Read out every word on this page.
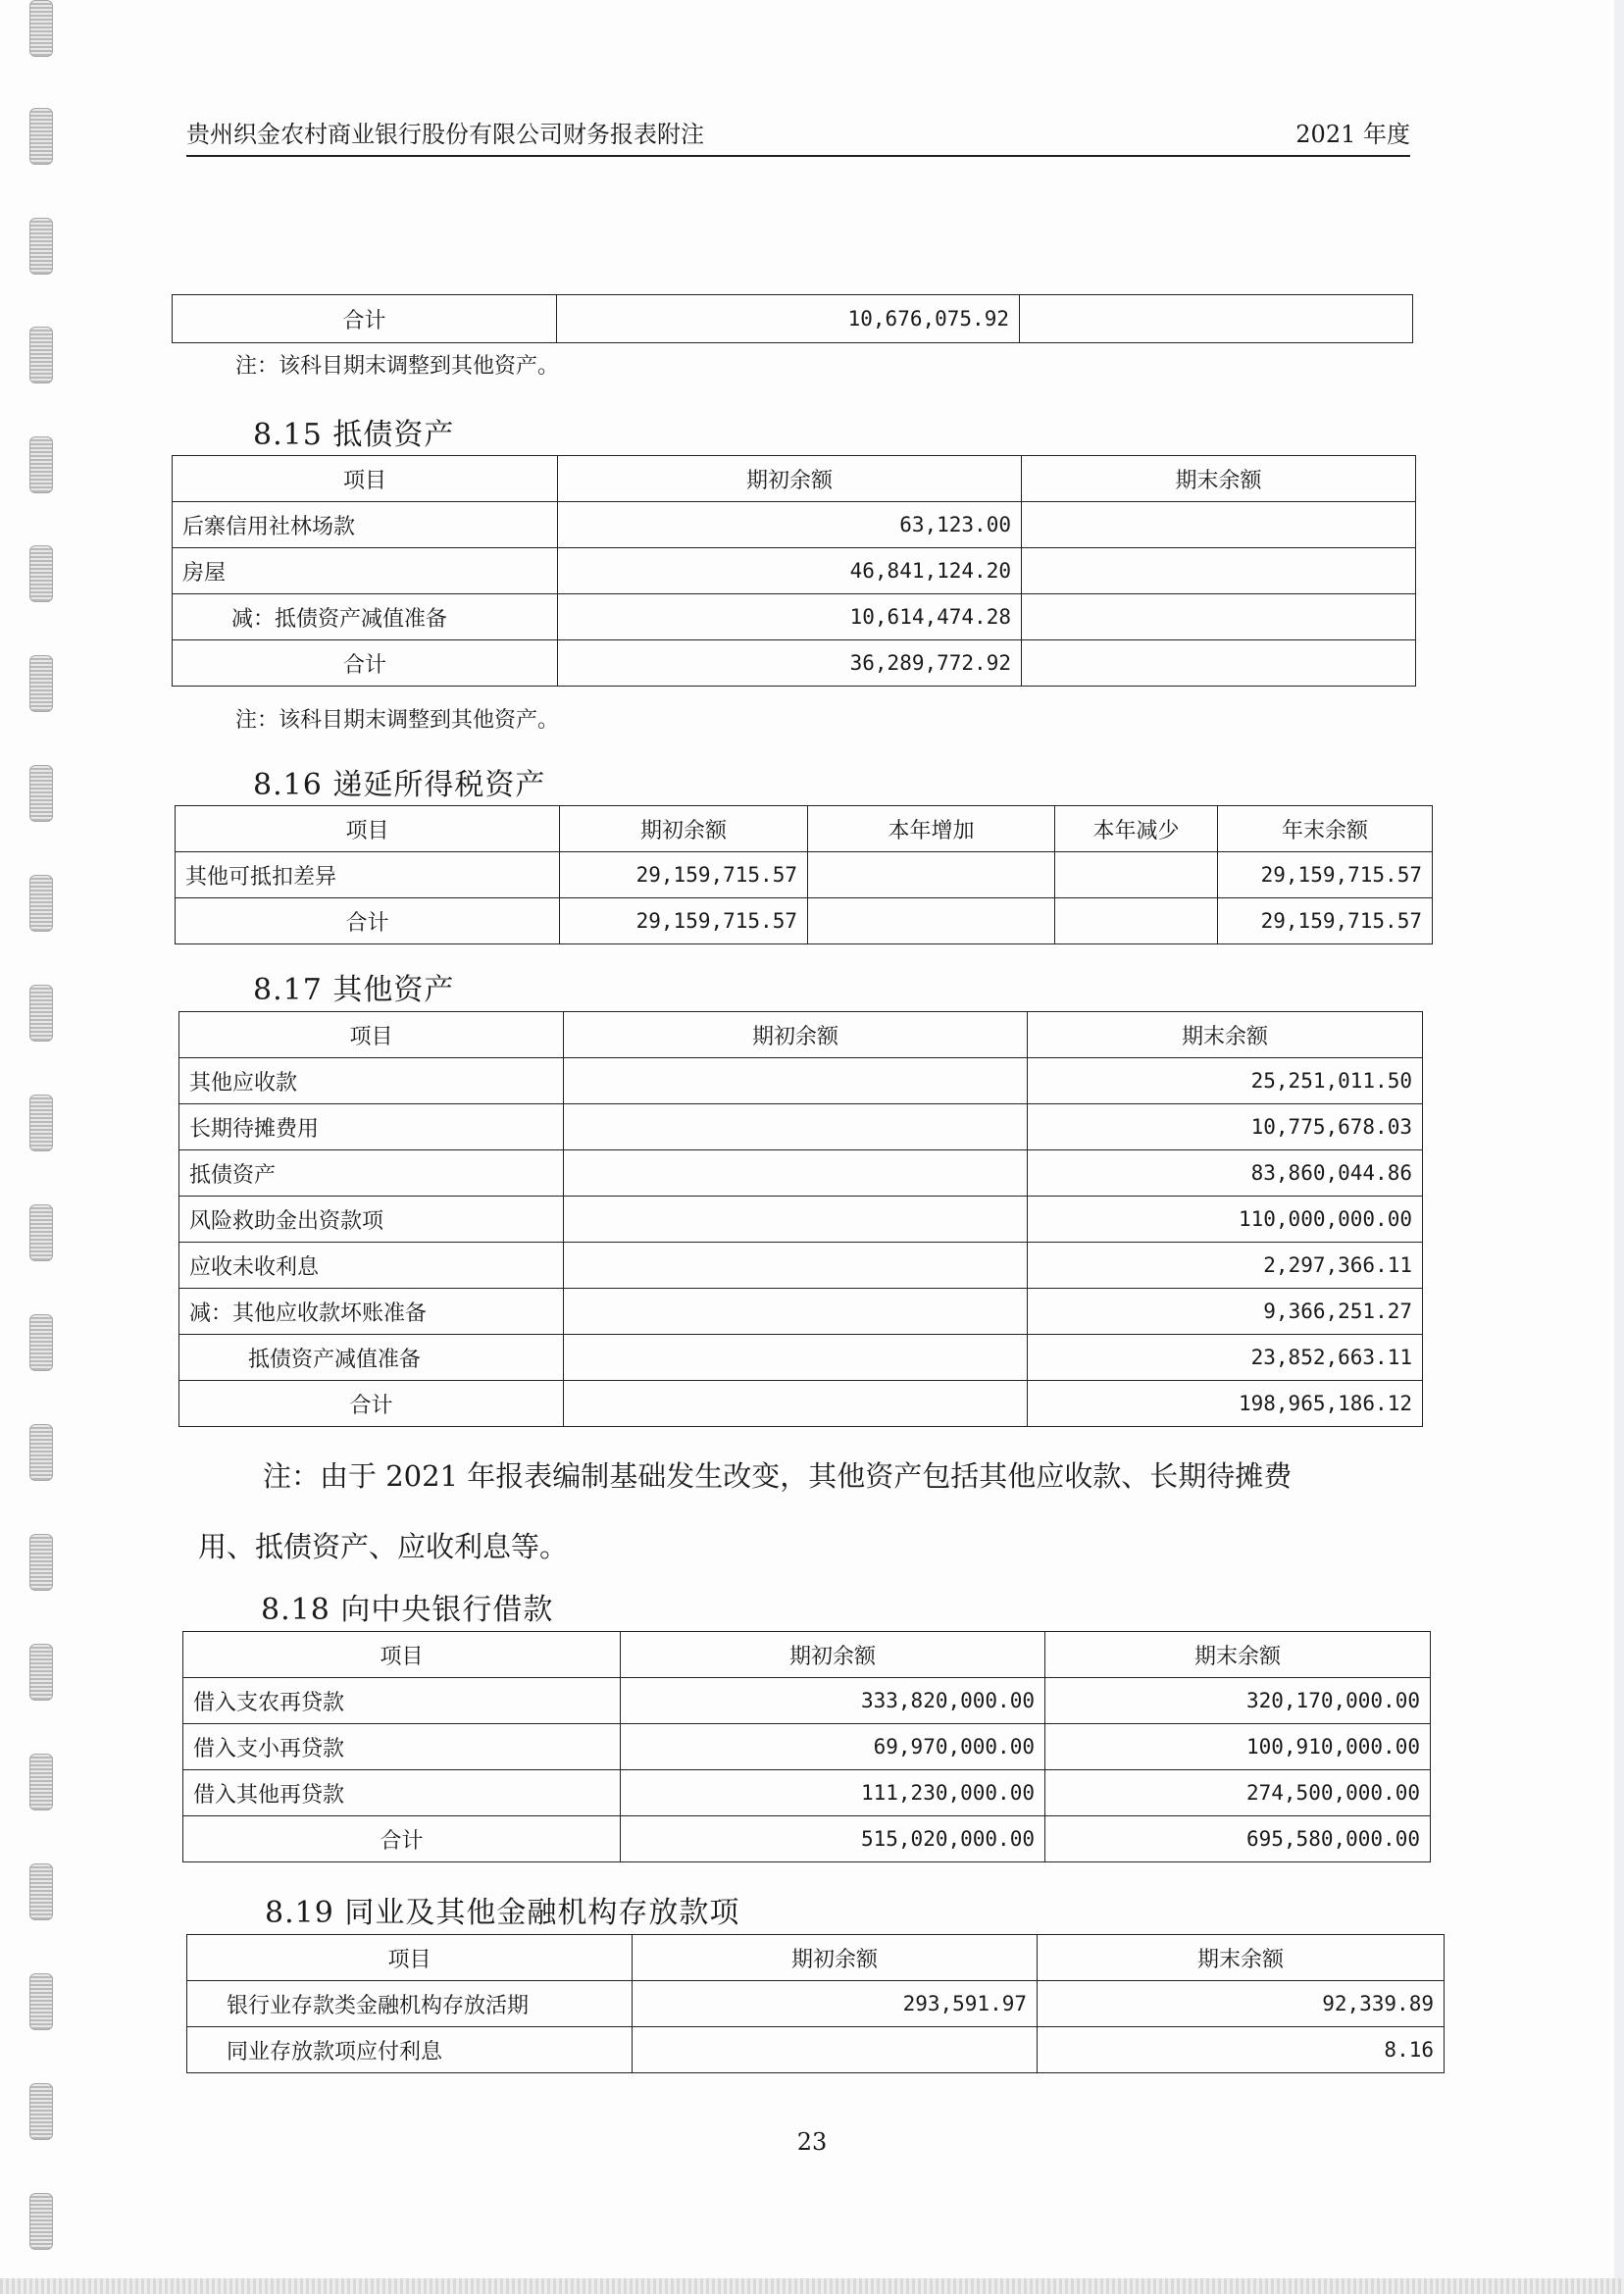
贵州织金农村商业银行股份有限公司财务报表附注	2021 年度
合计	10,676,075.92	
注：该科目期末调整到其他资产。
8.15 抵债资产
项目	期初余额	期末余额
后寨信用社林场款	63,123.00	
房屋	46,841,124.20	
减：抵债资产减值准备	10,614,474.28	
合计	36,289,772.92	
注：该科目期末调整到其他资产。
8.16 递延所得税资产
项目	期初余额	本年增加	本年减少	年末余额
其他可抵扣差异	29,159,715.57			29,159,715.57
合计	29,159,715.57			29,159,715.57
8.17 其他资产
项目	期初余额	期末余额
其他应收款		25,251,011.50
长期待摊费用		10,775,678.03
抵债资产		83,860,044.86
风险救助金出资款项		110,000,000.00
应收未收利息		2,297,366.11
减：其他应收款坏账准备		9,366,251.27
抵债资产减值准备		23,852,663.11
合计		198,965,186.12
注：由于 2021 年报表编制基础发生改变，其他资产包括其他应收款、长期待摊费
用、抵债资产、应收利息等。
8.18 向中央银行借款
项目	期初余额	期末余额
借入支农再贷款	333,820,000.00	320,170,000.00
借入支小再贷款	69,970,000.00	100,910,000.00
借入其他再贷款	111,230,000.00	274,500,000.00
合计	515,020,000.00	695,580,000.00
8.19 同业及其他金融机构存放款项
项目	期初余额	期末余额
银行业存款类金融机构存放活期	293,591.97	92,339.89
同业存放款项应付利息		8.16
23
